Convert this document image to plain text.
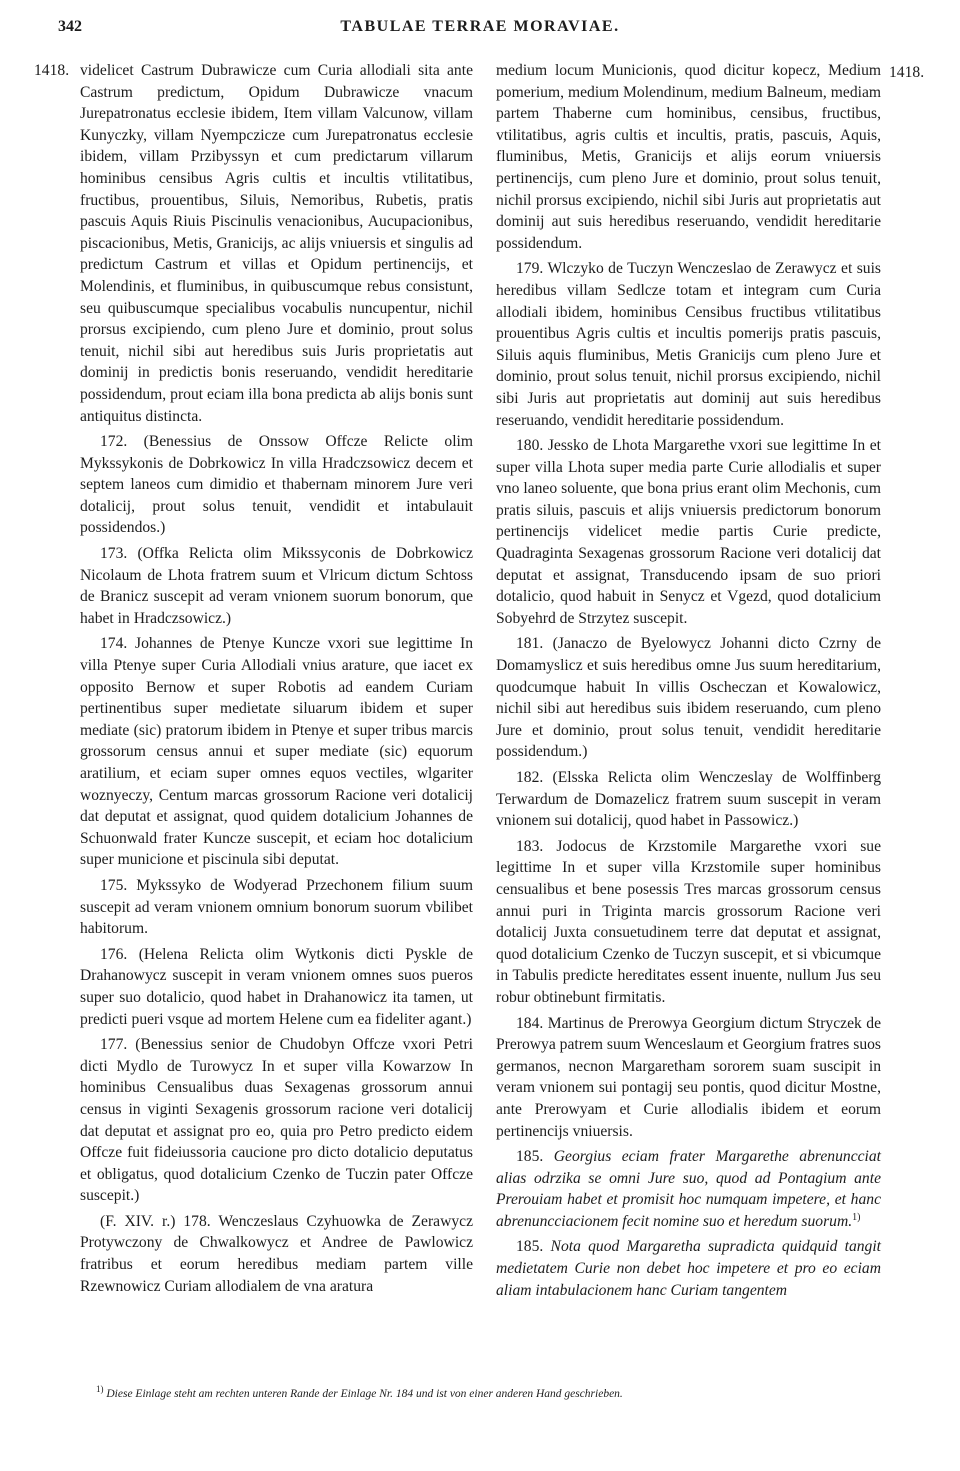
342	TABULAE TERRAE MORAVIAE.
1418.	1418.

videlicet Castrum Dubrawicze cum Curia allodiali sita ante Castrum predictum, Opidum Dubrawicze vnacum Jurepatronatus ecclesie ibidem, Item villam Valcunow, villam Kunyczky, villam Nyempczicze cum Jurepatronatus ecclesie ibidem, villam Przibyssyn et cum predictarum villarum hominibus censibus Agris cultis et incultis vtilitatibus, fructibus, prouentibus, Siluis, Nemoribus, Rubetis, pratis pascuis Aquis Riuis Piscinulis venacionibus, Aucupacionibus, piscacionibus, Metis, Granicijs, ac alijs vniuersis et singulis ad predictum Castrum et villas et Opidum pertinencijs, et Molendinis, et fluminibus, in quibuscumque rebus consistunt, seu quibuscumque specialibus vocabulis nuncupentur, nichil prorsus excipiendo, cum pleno Jure et dominio, prout solus tenuit, nichil sibi aut heredibus suis Juris proprietatis aut dominij in predictis bonis reseruando, vendidit hereditarie possidendum, prout eciam illa bona predicta ab alijs bonis sunt antiquitus distincta.

172. (Benessius de Onssow Offcze Relicte olim Mykssykonis de Dobrkowicz In villa Hradczsowicz decem et septem laneos cum dimidio et thabernam minorem Jure veri dotalicij, prout solus tenuit, vendidit et intabulauit possidendos.)

173. (Offka Relicta olim Mikssyconis de Dobrkowicz Nicolaum de Lhota fratrem suum et Vlricum dictum Schtoss de Branicz suscepit ad veram vnionem suorum bonorum, que habet in Hradczsowicz.)

174. Johannes de Ptenye Kuncze vxori sue legittime In villa Ptenye super Curia Allodiali vnius arature, que iacet ex opposito Bernow et super Robotis ad eandem Curiam pertinentibus super medietate siluarum ibidem et super mediate (sic) pratorum ibidem in Ptenye et super tribus marcis grossorum census annui et super mediate (sic) equorum aratilium, et eciam super omnes equos vectiles, wlgariter woznyeczy, Centum marcas grossorum Racione veri dotalicij dat deputat et assignat, quod quidem dotalicium Johannes de Schuonwald frater Kuncze suscepit, et eciam hoc dotalicium super municione et piscinula sibi deputat.

175. Mykssyko de Wodyerad Przechonem filium suum suscepit ad veram vnionem omnium bonorum suorum vbilibet habitorum.

176. (Helena Relicta olim Wytkonis dicti Pyskle de Drahanowycz suscepit in veram vnionem omnes suos pueros super suo dotalicio, quod habet in Drahanowicz ita tamen, ut predicti pueri vsque ad mortem Helene cum ea fideliter agant.)

177. (Benessius senior de Chudobyn Offcze vxori Petri dicti Mydlo de Turowycz In et super villa Kowarzow In hominibus Censualibus duas Sexagenas grossorum annui census in viginti Sexagenis grossorum racione veri dotalicij dat deputat et assignat pro eo, quia pro Petro predicto eidem Offcze fuit fideiussoria caucione pro dicto dotalicio deputatus et obligatus, quod dotalicium Czenko de Tuczin pater Offcze suscepit.)

(F. XIV. r.) 178. Wenczeslaus Czyhuowka de Zerawycz Protywczony de Chwalkowycz et Andree de Pawlowicz fratribus et eorum heredibus mediam partem ville Rzewnowicz Curiam allodialem de vna aratura

medium locum Municionis, quod dicitur kopecz, Medium pomerium, medium Molendinum, medium Balneum, mediam partem Thaberne cum hominibus, censibus, fructibus, vtilitatibus, agris cultis et incultis, pratis, pascuis, Aquis, fluminibus, Metis, Granicijs et alijs eorum vniuersis pertinencijs, cum pleno Jure et dominio, prout solus tenuit, nichil prorsus excipiendo, nichil sibi Juris aut proprietatis aut dominij aut suis heredibus reseruando, vendidit hereditarie possidendum.

179. Wlczyko de Tuczyn Wenczeslao de Zerawycz et suis heredibus villam Sedlcze totam et integram cum Curia allodiali ibidem, hominibus Censibus fructibus vtilitatibus prouentibus Agris cultis et incultis pomerijs pratis pascuis, Siluis aquis fluminibus, Metis Granicijs cum pleno Jure et dominio, prout solus tenuit, nichil prorsus excipiendo, nichil sibi Juris aut proprietatis aut dominij aut suis heredibus reseruando, vendidit hereditarie possidendum.

180. Jessko de Lhota Margarethe vxori sue legittime In et super villa Lhota super media parte Curie allodialis et super vno laneo soluente, que bona prius erant olim Mechonis, cum pratis siluis, pascuis et alijs vniuersis predictorum bonorum pertinencijs videlicet medie partis Curie predicte, Quadraginta Sexagenas grossorum Racione veri dotalicij dat deputat et assignat, Transducendo ipsam de suo priori dotalicio, quod habuit in Senycz et Vgezd, quod dotalicium Sobyehrd de Strzytez suscepit.

181. (Janaczo de Byelowycz Johanni dicto Czrny de Domamyslicz et suis heredibus omne Jus suum hereditarium, quodcumque habuit In villis Oscheczan et Kowalowicz, nichil sibi aut heredibus suis ibidem reseruando, cum pleno Jure et dominio, prout solus tenuit, vendidit hereditarie possidendum.)

182. (Elsska Relicta olim Wenczeslay de Wolffinberg Terwardum de Domazelicz fratrem suum suscepit in veram vnionem sui dotalicij, quod habet in Passowicz.)

183. Jodocus de Krzstomile Margarethe vxori sue legittime In et super villa Krzstomile super hominibus censualibus et bene posessis Tres marcas grossorum census annui puri in Triginta marcis grossorum Racione veri dotalicij Juxta consuetudinem terre dat deputat et assignat, quod dotalicium Czenko de Tuczyn suscepit, et si vbicumque in Tabulis predicte hereditates essent inuente, nullum Jus seu robur obtinebunt firmitatis.

184. Martinus de Prerowya Georgium dictum Stryczek de Prerowya patrem suum Wenceslaum et Georgium fratres suos germanos, necnon Margaretham sororem suam suscipit in veram vnionem sui pontagij seu pontis, quod dicitur Mostne, ante Prerowyam et Curie allodialis ibidem et eorum pertinencijs vniuersis.

185. Georgius eciam frater Margarethe abrenuncciat alias odrzika se omni Jure suo, quod ad Pontagium ante Prerouiam habet et promisit hoc numquam impetere, et hanc abrenuncciacionem fecit nomine suo et heredum suorum.$^{1)}$

185. Nota quod Margaretha supradicta quidquid tangit medietatem Curie non debet hoc impetere et pro eo eciam aliam intabulacionem hanc Curiam tangentem

$^{1)}$ Diese Einlage steht am rechten unteren Rande der Einlage Nr. 184 und ist von einer anderen Hand geschrieben.
